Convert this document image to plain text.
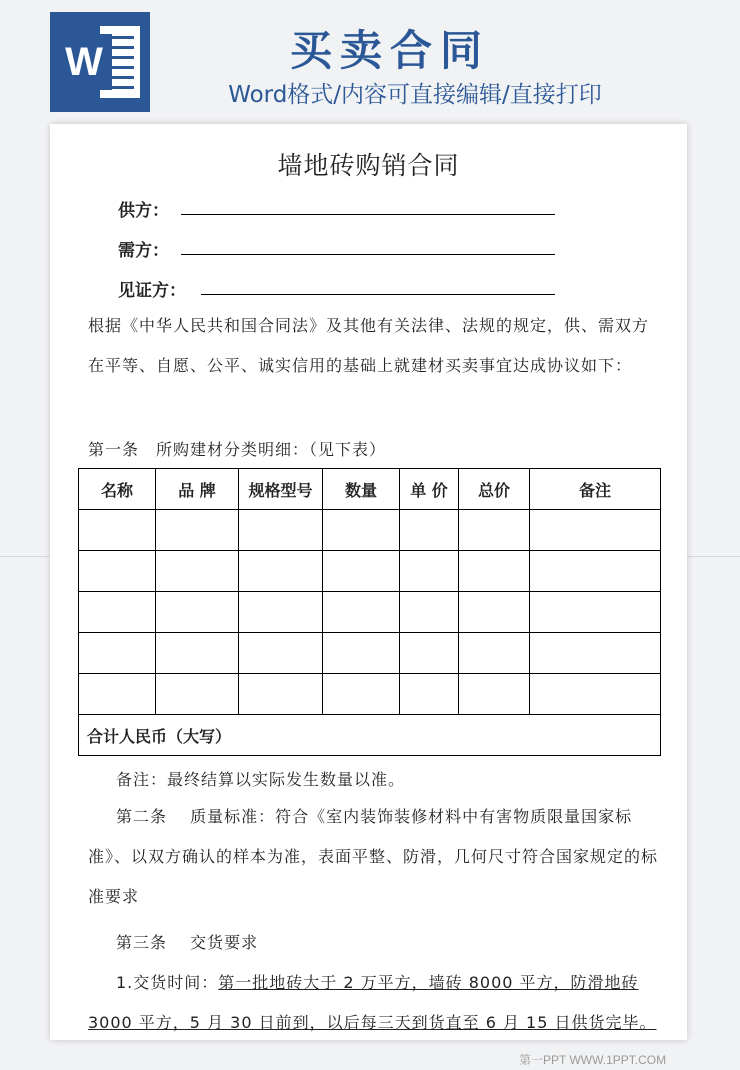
W	买卖合同
Word格式/内容可直接编辑/直接打印
墙地砖购销合同
供方：
需方：
见证方：
根据《中华人民共和国合同法》及其他有关法律、法规的规定，供、需双方在平等、自愿、公平、诚实信用的基础上就建材买卖事宜达成协议如下：
第一条　所购建材分类明细：（见下表）
名称	品 牌	规格型号	数量	单 价	总价	备注

合计人民币（大写）						
备注：最终结算以实际发生数量以准。
第二条　 质量标准：符合《室内装饰装修材料中有害物质限量国家标准》、以双方确认的样本为准，表面平整、防滑，几何尺寸符合国家规定的标准要求
第三条　 交货要求
1.交货时间：第一批地砖大于 2 万平方，墙砖 8000 平方，防滑地砖
3000 平方，5 月 30 日前到，以后每三天到货直至 6 月 15 日供货完毕。
第一PPT WWW.1PPT.COM
